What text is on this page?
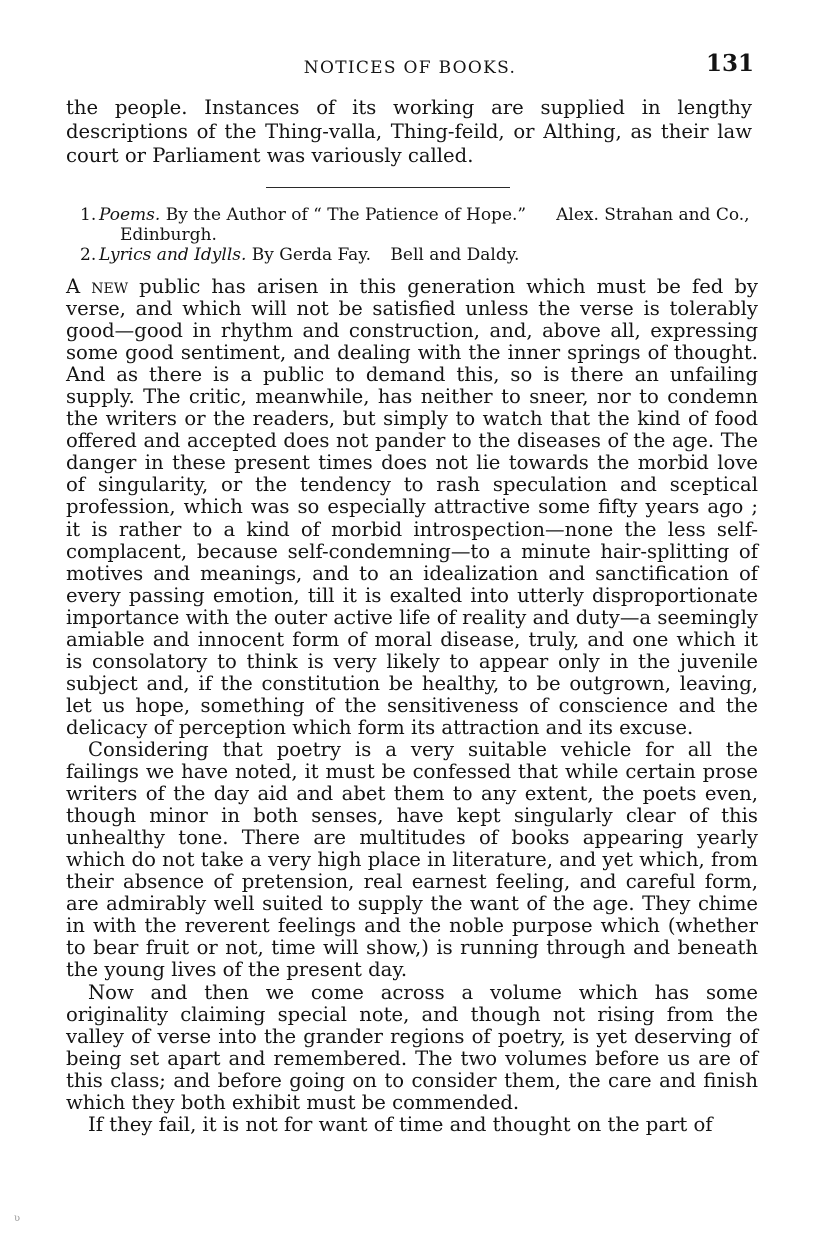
NOTICES OF BOOKS.	131

the people. Instances of its working are supplied in lengthy descriptions of the Thing-valla, Thing-feild, or Althing, as their law court or Parliament was variously called.

1. Poems. By the Author of “ The Patience of Hope.” Alex. Strahan and Co., Edinburgh.

2. Lyrics and Idylls. By Gerda Fay. Bell and Daldy.

A new public has arisen in this generation which must be fed by verse, and which will not be satisfied unless the verse is tolerably good—good in rhythm and construction, and, above all, expressing some good sentiment, and dealing with the inner springs of thought. And as there is a public to demand this, so is there an unfailing supply. The critic, meanwhile, has neither to sneer, nor to condemn the writers or the readers, but simply to watch that the kind of food offered and accepted does not pander to the diseases of the age. The danger in these present times does not lie towards the morbid love of singularity, or the tendency to rash speculation and sceptical profession, which was so especially attractive some fifty years ago ; it is rather to a kind of morbid introspection—none the less self-complacent, because self-condemning—to a minute hair-splitting of motives and meanings, and to an idealization and sanctification of every passing emotion, till it is exalted into utterly disproportionate importance with the outer active life of reality and duty—a seemingly amiable and innocent form of moral disease, truly, and one which it is consolatory to think is very likely to appear only in the juvenile subject and, if the constitution be healthy, to be outgrown, leaving, let us hope, something of the sensitiveness of conscience and the delicacy of perception which form its attraction and its excuse.

Considering that poetry is a very suitable vehicle for all the failings we have noted, it must be confessed that while certain prose writers of the day aid and abet them to any extent, the poets even, though minor in both senses, have kept singularly clear of this unhealthy tone. There are multitudes of books appearing yearly which do not take a very high place in literature, and yet which, from their absence of pretension, real earnest feeling, and careful form, are admirably well suited to supply the want of the age. They chime in with the reverent feelings and the noble purpose which (whether to bear fruit or not, time will show,) is running through and beneath the young lives of the present day.

Now and then we come across a volume which has some originality claiming special note, and though not rising from the valley of verse into the grander regions of poetry, is yet deserving of being set apart and remembered. The two volumes before us are of this class; and before going on to consider them, the care and finish which they both exhibit must be commended.

If they fail, it is not for want of time and thought on the part of

ʋ
